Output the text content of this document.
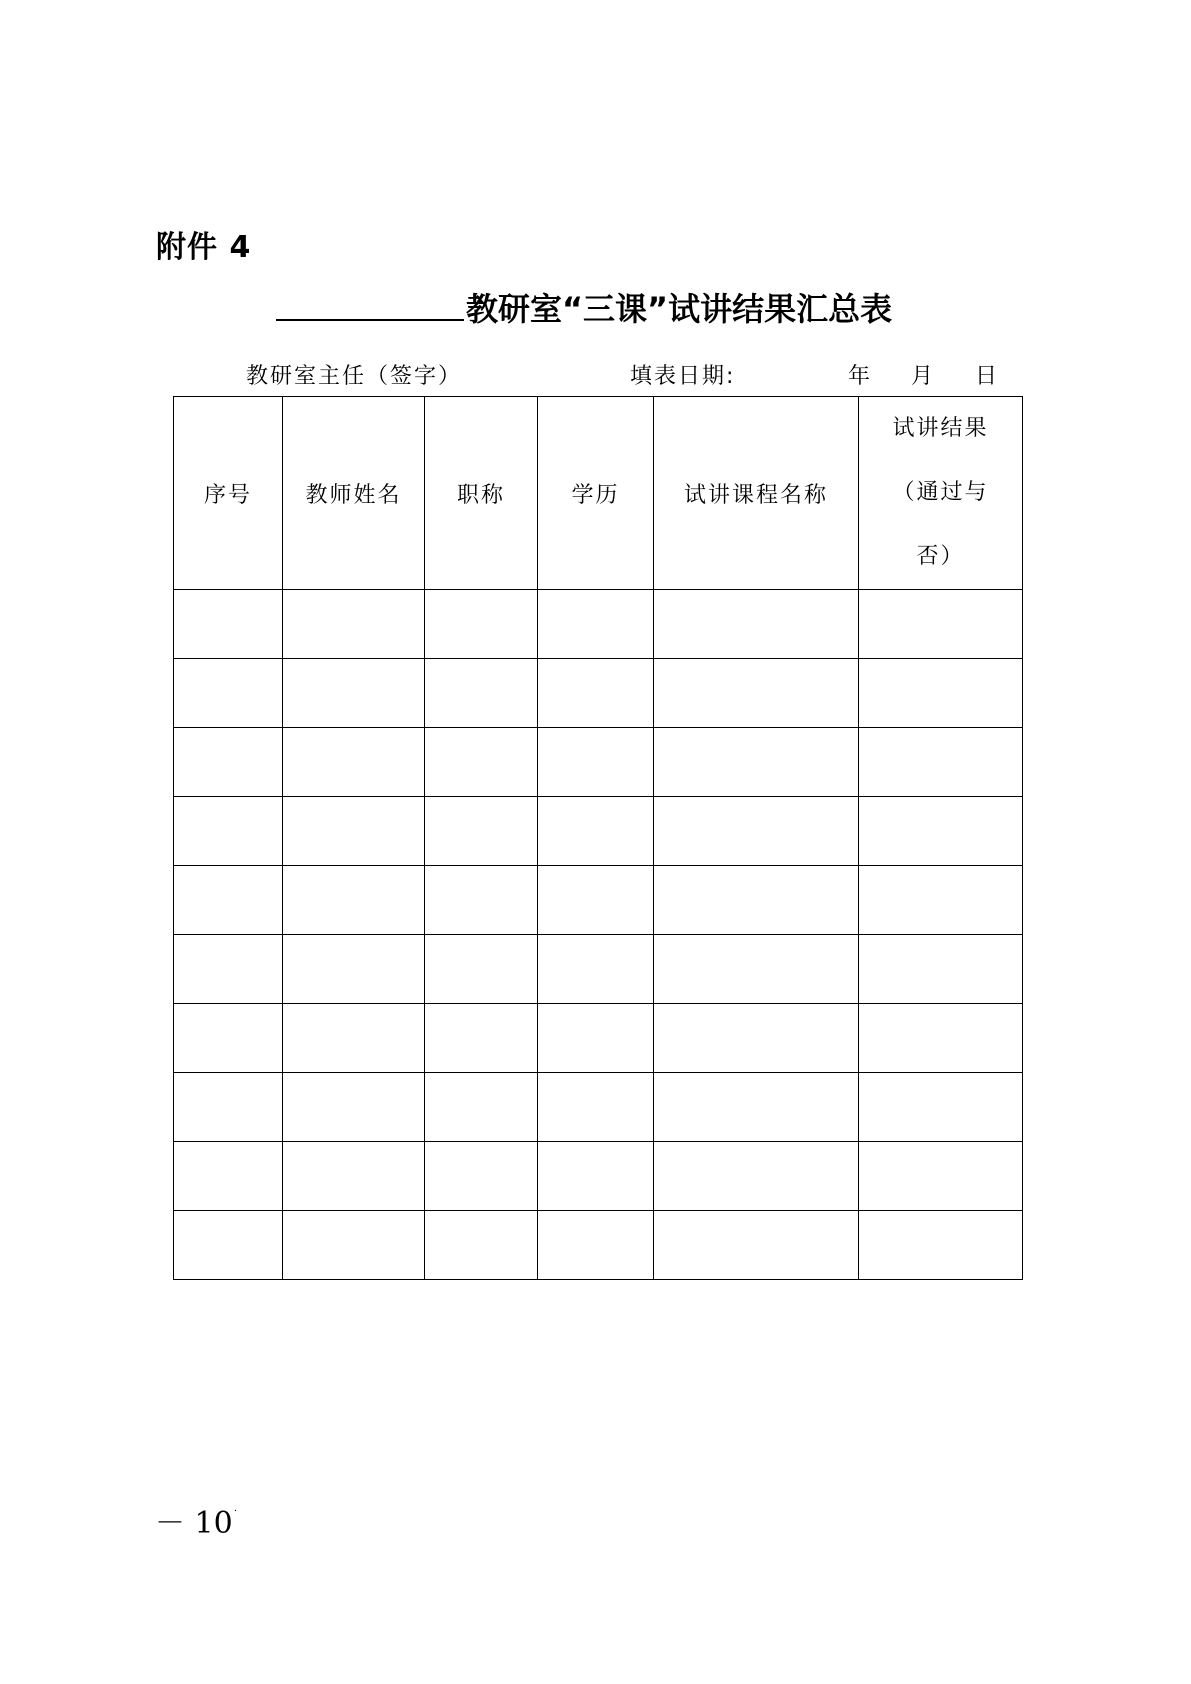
附件 4
教研室“三课”试讲结果汇总表
教研室主任（签字）	填表日期:	年 月 日
序号	教师姓名	职称	学历	试讲课程名称	试讲结果
（通过与
否）

－ 10 ·
